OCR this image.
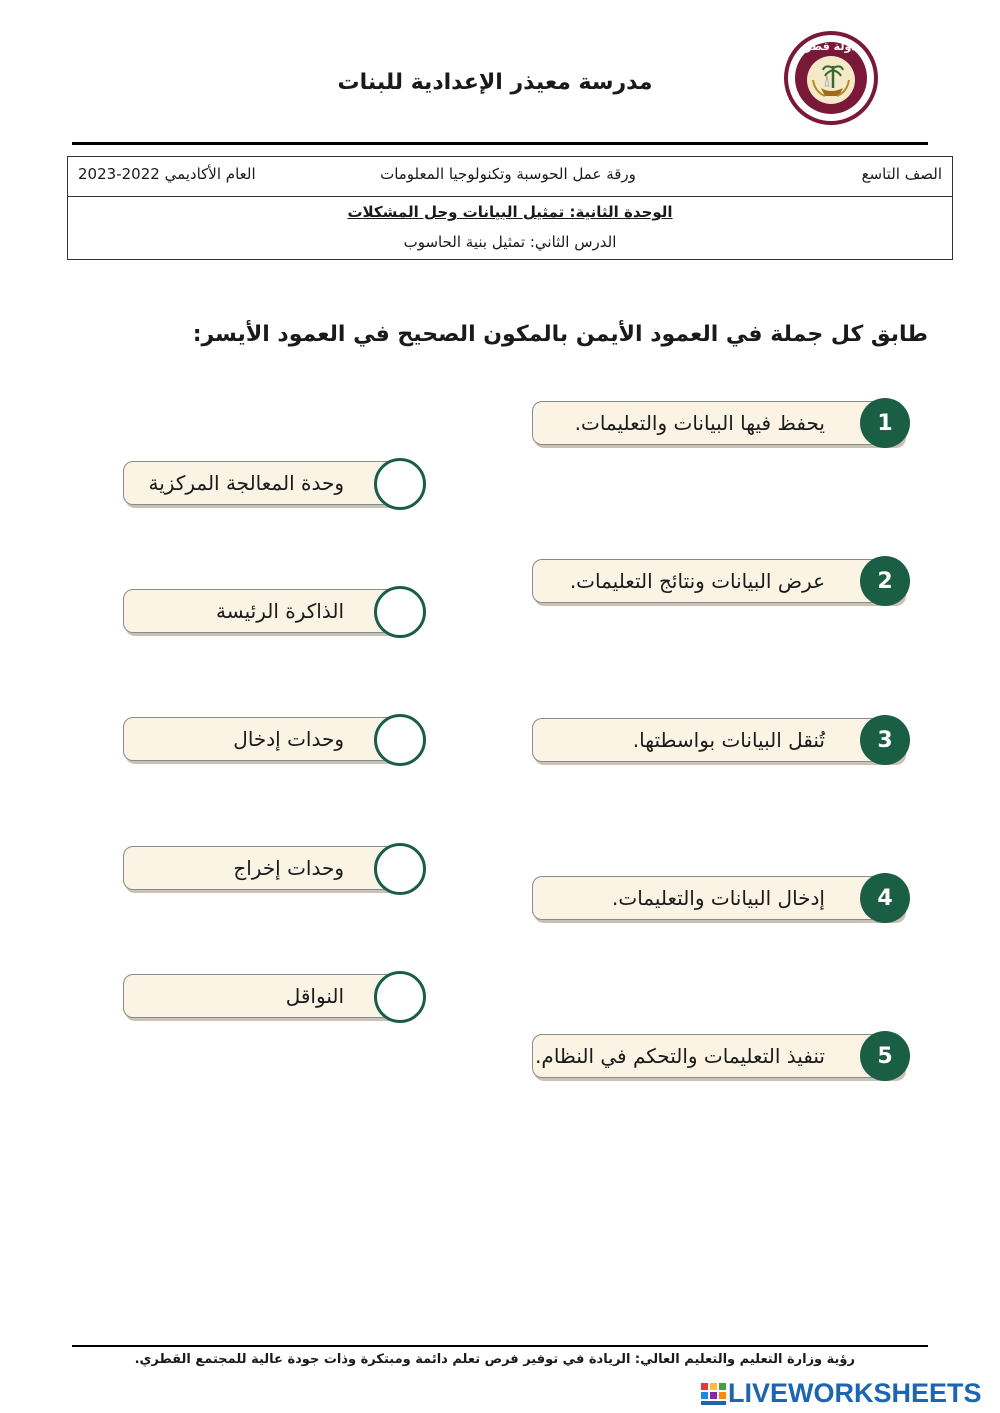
مدرسة معيذر الإعدادية للبنات
دولة قطر
الصف التاسع
ورقة عمل الحوسبة وتكنولوجيا المعلومات
العام الأكاديمي 2022-2023
الوحدة الثانية: تمثيل البيانات وحل المشكلات
الدرس الثاني: تمثيل بنية الحاسوب
طابق كل جملة في العمود الأيمن بالمكون الصحيح في العمود الأيسر:
يحفظ فيها البيانات والتعليمات.	1
عرض البيانات ونتائج التعليمات.	2
تُنقل البيانات بواسطتها.	3
إدخال البيانات والتعليمات.	4
تنفيذ التعليمات والتحكم في النظام.	5
وحدة المعالجة المركزية
الذاكرة الرئيسة
وحدات إدخال
وحدات إخراج
النواقل
رؤية وزارة التعليم والتعليم العالي: الريادة في توفير فرص تعلم دائمة ومبتكرة وذات جودة عالية للمجتمع القطري.
LIVEWORKSHEETS
